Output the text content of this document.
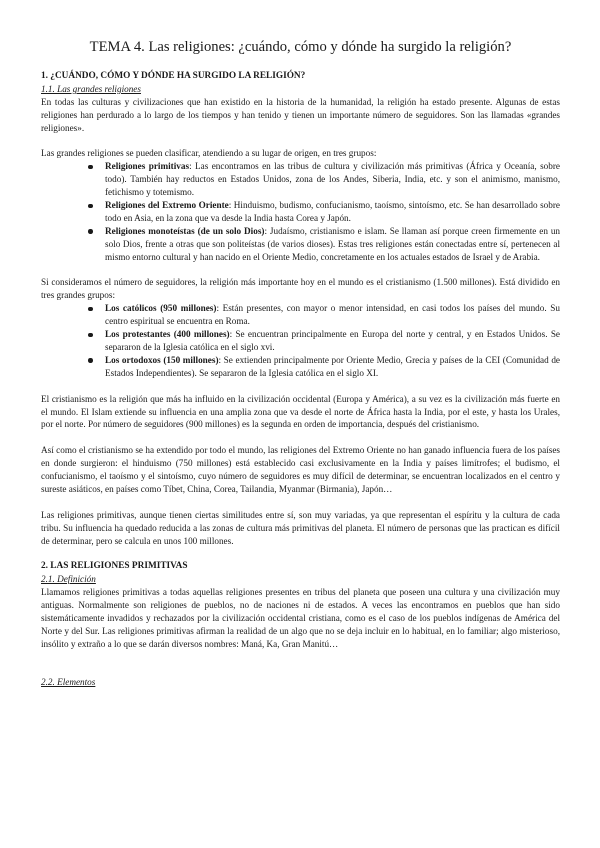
TEMA 4. Las religiones: ¿cuándo, cómo y dónde ha surgido la religión?
1. ¿CUÁNDO, CÓMO Y DÓNDE HA SURGIDO LA RELIGIÓN?
1.1. Las grandes religiones

En todas las culturas y civilizaciones que han existido en la historia de la humanidad, la religión ha estado presente. Algunas de estas religiones han perdurado a lo largo de los tiempos y han tenido y tienen un importante número de seguidores. Son las llamadas «grandes religiones».

Las grandes religiones se pueden clasificar, atendiendo a su lugar de origen, en tres grupos:

Religiones primitivas: Las encontramos en las tribus de cultura y civilización más primitivas (África y Oceanía, sobre todo). También hay reductos en Estados Unidos, zona de los Andes, Siberia, India, etc. y son el animismo, manismo, fetichismo y totemismo.
Religiones del Extremo Oriente: Hinduismo, budismo, confucianismo, taoísmo, sintoísmo, etc. Se han desarrollado sobre todo en Asia, en la zona que va desde la India hasta Corea y Japón.
Religiones monoteístas (de un solo Dios): Judaísmo, cristianismo e islam. Se llaman así porque creen firmemente en un solo Dios, frente a otras que son politeístas (de varios dioses). Estas tres religiones están conectadas entre sí, pertenecen al mismo entorno cultural y han nacido en el Oriente Medio, concretamente en los actuales estados de Israel y de Arabia.

Si consideramos el número de seguidores, la religión más importante hoy en el mundo es el cristianismo (1.500 millones). Está dividido en tres grandes grupos:

Los católicos (950 millones): Están presentes, con mayor o menor intensidad, en casi todos los países del mundo. Su centro espiritual se encuentra en Roma.
Los protestantes (400 millones): Se encuentran principalmente en Europa del norte y central, y en Estados Unidos. Se separaron de la Iglesia católica en el siglo xvi.
Los ortodoxos (150 millones): Se extienden principalmente por Oriente Medio, Grecia y países de la CEI (Comunidad de Estados Independientes). Se separaron de la Iglesia católica en el siglo XI.

El cristianismo es la religión que más ha influido en la civilización occidental (Europa y América), a su vez es la civilización más fuerte en el mundo. El Islam extiende su influencia en una amplia zona que va desde el norte de África hasta la India, por el este, y hasta los Urales, por el norte. Por número de seguidores (900 millones) es la segunda en orden de importancia, después del cristianismo.

Así como el cristianismo se ha extendido por todo el mundo, las religiones del Extremo Oriente no han ganado influencia fuera de los países en donde surgieron: el hinduismo (750 millones) está establecido casi exclusivamente en la India y países limítrofes; el budismo, el confucianismo, el taoísmo y el sintoísmo, cuyo número de seguidores es muy difícil de determinar, se encuentran localizados en el centro y sureste asiáticos, en países como Tíbet, China, Corea, Tailandia, Myanmar (Birmania), Japón…

Las religiones primitivas, aunque tienen ciertas similitudes entre sí, son muy variadas, ya que representan el espíritu y la cultura de cada tribu. Su influencia ha quedado reducida a las zonas de cultura más primitivas del planeta. El número de personas que las practican es difícil de determinar, pero se calcula en unos 100 millones.

2. LAS RELIGIONES PRIMITIVAS
2.1. Definición

Llamamos religiones primitivas a todas aquellas religiones presentes en tribus del planeta que poseen una cultura y una civilización muy antiguas. Normalmente son religiones de pueblos, no de naciones ni de estados. A veces las encontramos en pueblos que han sido sistemáticamente invadidos y rechazados por la civilización occidental cristiana, como es el caso de los pueblos indígenas de América del Norte y del Sur. Las religiones primitivas afirman la realidad de un algo que no se deja incluir en lo habitual, en lo familiar; algo misterioso, insólito y extraño a lo que se darán diversos nombres: Maná, Ka, Gran Manitú…

2.2. Elementos
